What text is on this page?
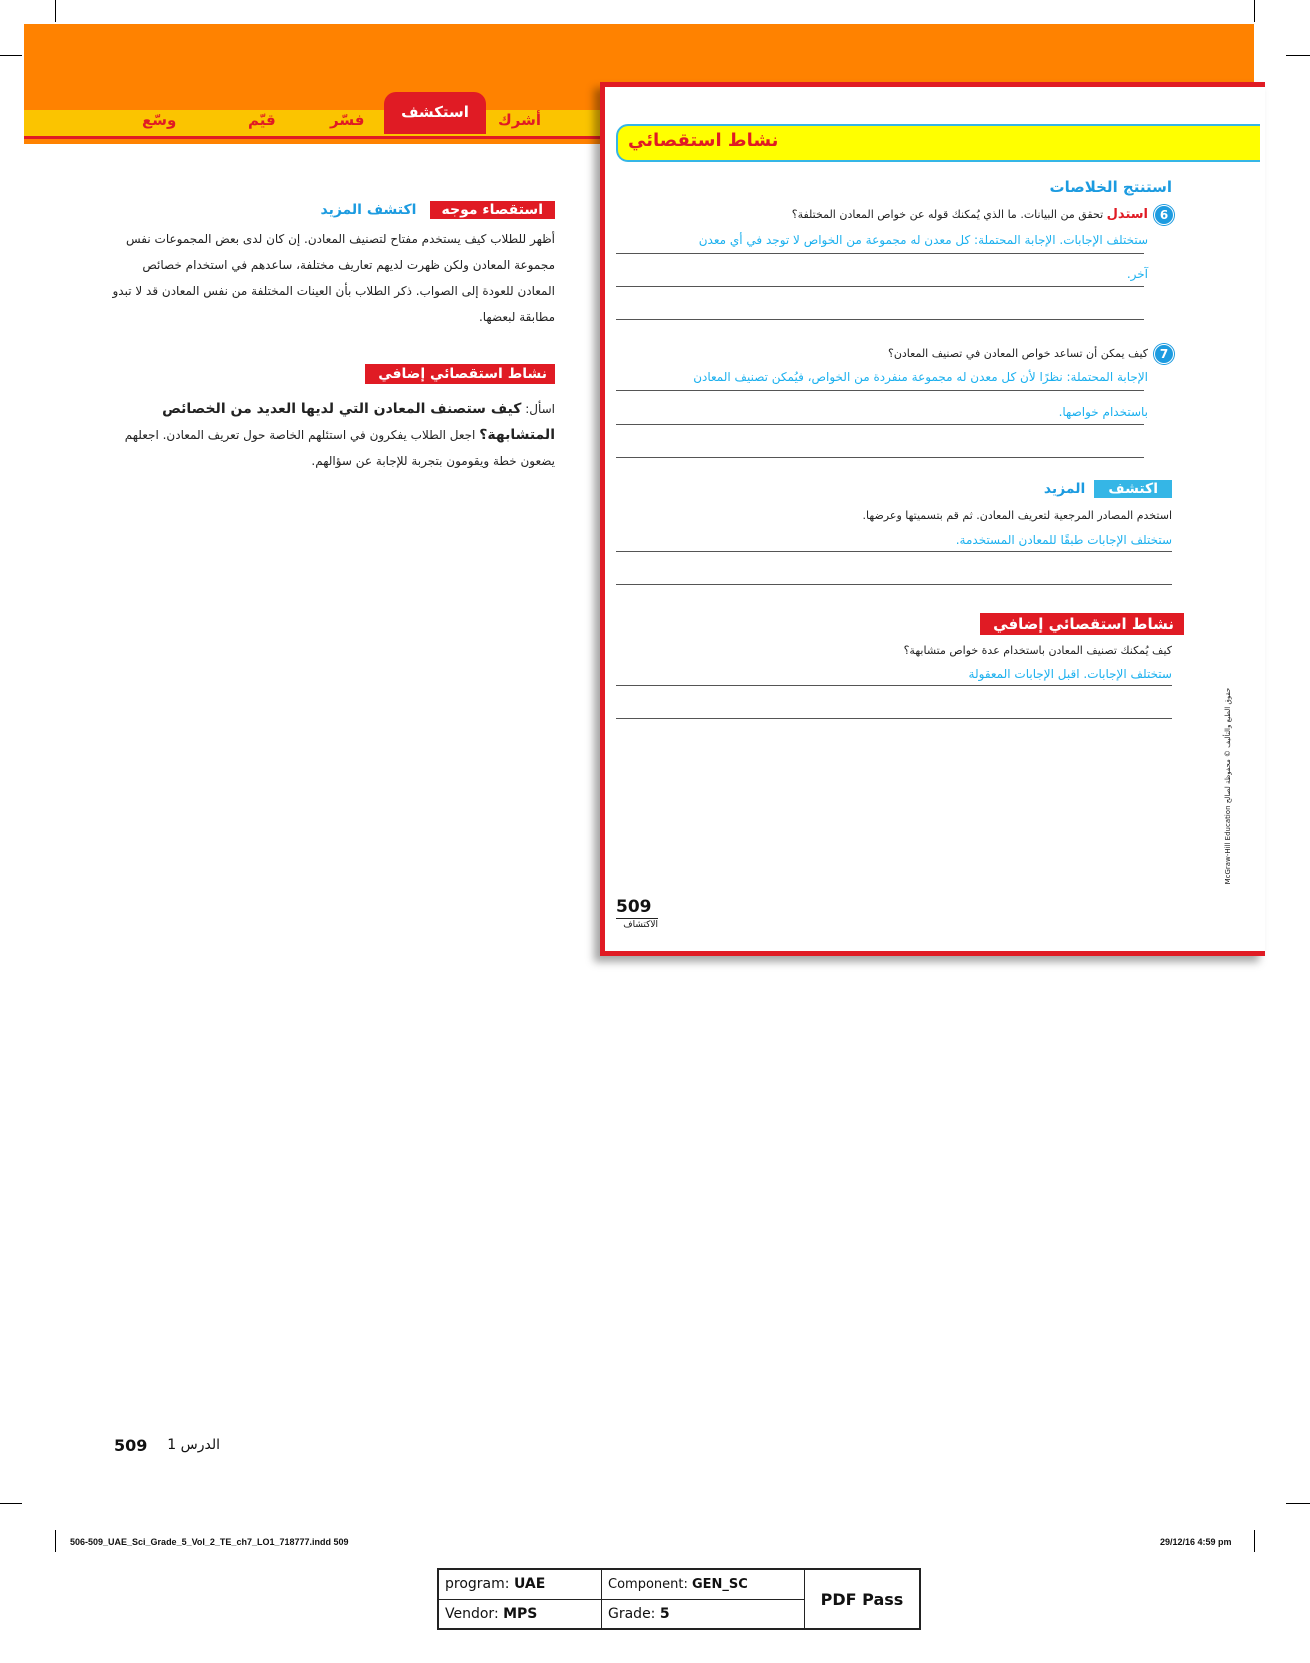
أشرك
استكشف
فسّر
قيّم
وسّع
استقصاء موجه اكتشف المزيد
أظهر للطلاب كيف يستخدم مفتاح لتصنيف المعادن. إن كان لدى بعض المجموعات نفس مجموعة المعادن ولكن ظهرت لديهم تعاريف مختلفة، ساعدهم في استخدام خصائص المعادن للعودة إلى الصواب. ذكر الطلاب بأن العينات المختلفة من نفس المعادن قد لا تبدو مطابقة لبعضها.
نشاط استقصائي إضافي
اسأل: كيف ستصنف المعادن التي لديها العديد من الخصائص المتشابهة؟ اجعل الطلاب يفكرون في استئلهم الخاصة حول تعريف المعادن. اجعلهم يضعون خطة ويقومون بتجربة للإجابة عن سؤالهم.
نشاط استقصائي
استنتج الخلاصات
6
استدل تحقق من البيانات. ما الذي يُمكنك قوله عن خواص المعادن المختلفة؟
ستختلف الإجابات. الإجابة المحتملة: كل معدن له مجموعة من الخواص لا توجد في أي معدن
آخر.
7
كيف يمكن أن تساعد خواص المعادن في تصنيف المعادن؟
الإجابة المحتملة: نظرًا لأن كل معدن له مجموعة منفردة من الخواص، فيُمكن تصنيف المعادن
باستخدام خواصها.
اكتشف المزيد
استخدم المصادر المرجعية لتعريف المعادن. ثم قم بتسميتها وعرضها.
ستختلف الإجابات طبقًا للمعادن المستخدمة.
نشاط استقصائي إضافي
كيف يُمكنك تصنيف المعادن باستخدام عدة خواص متشابهة؟
ستختلف الإجابات. اقبل الإجابات المعقولة
McGraw-Hill Education حقوق الطبع والتأليف © محفوظة لصالح
509
الاكتشاف
509	الدرس 1
506-509_UAE_Sci_Grade_5_Vol_2_TE_ch7_LO1_718777.indd 509	29/12/16 4:59 pm
program: UAE	Component: GEN_SC	PDF Pass
Vendor: MPS	Grade: 5	
